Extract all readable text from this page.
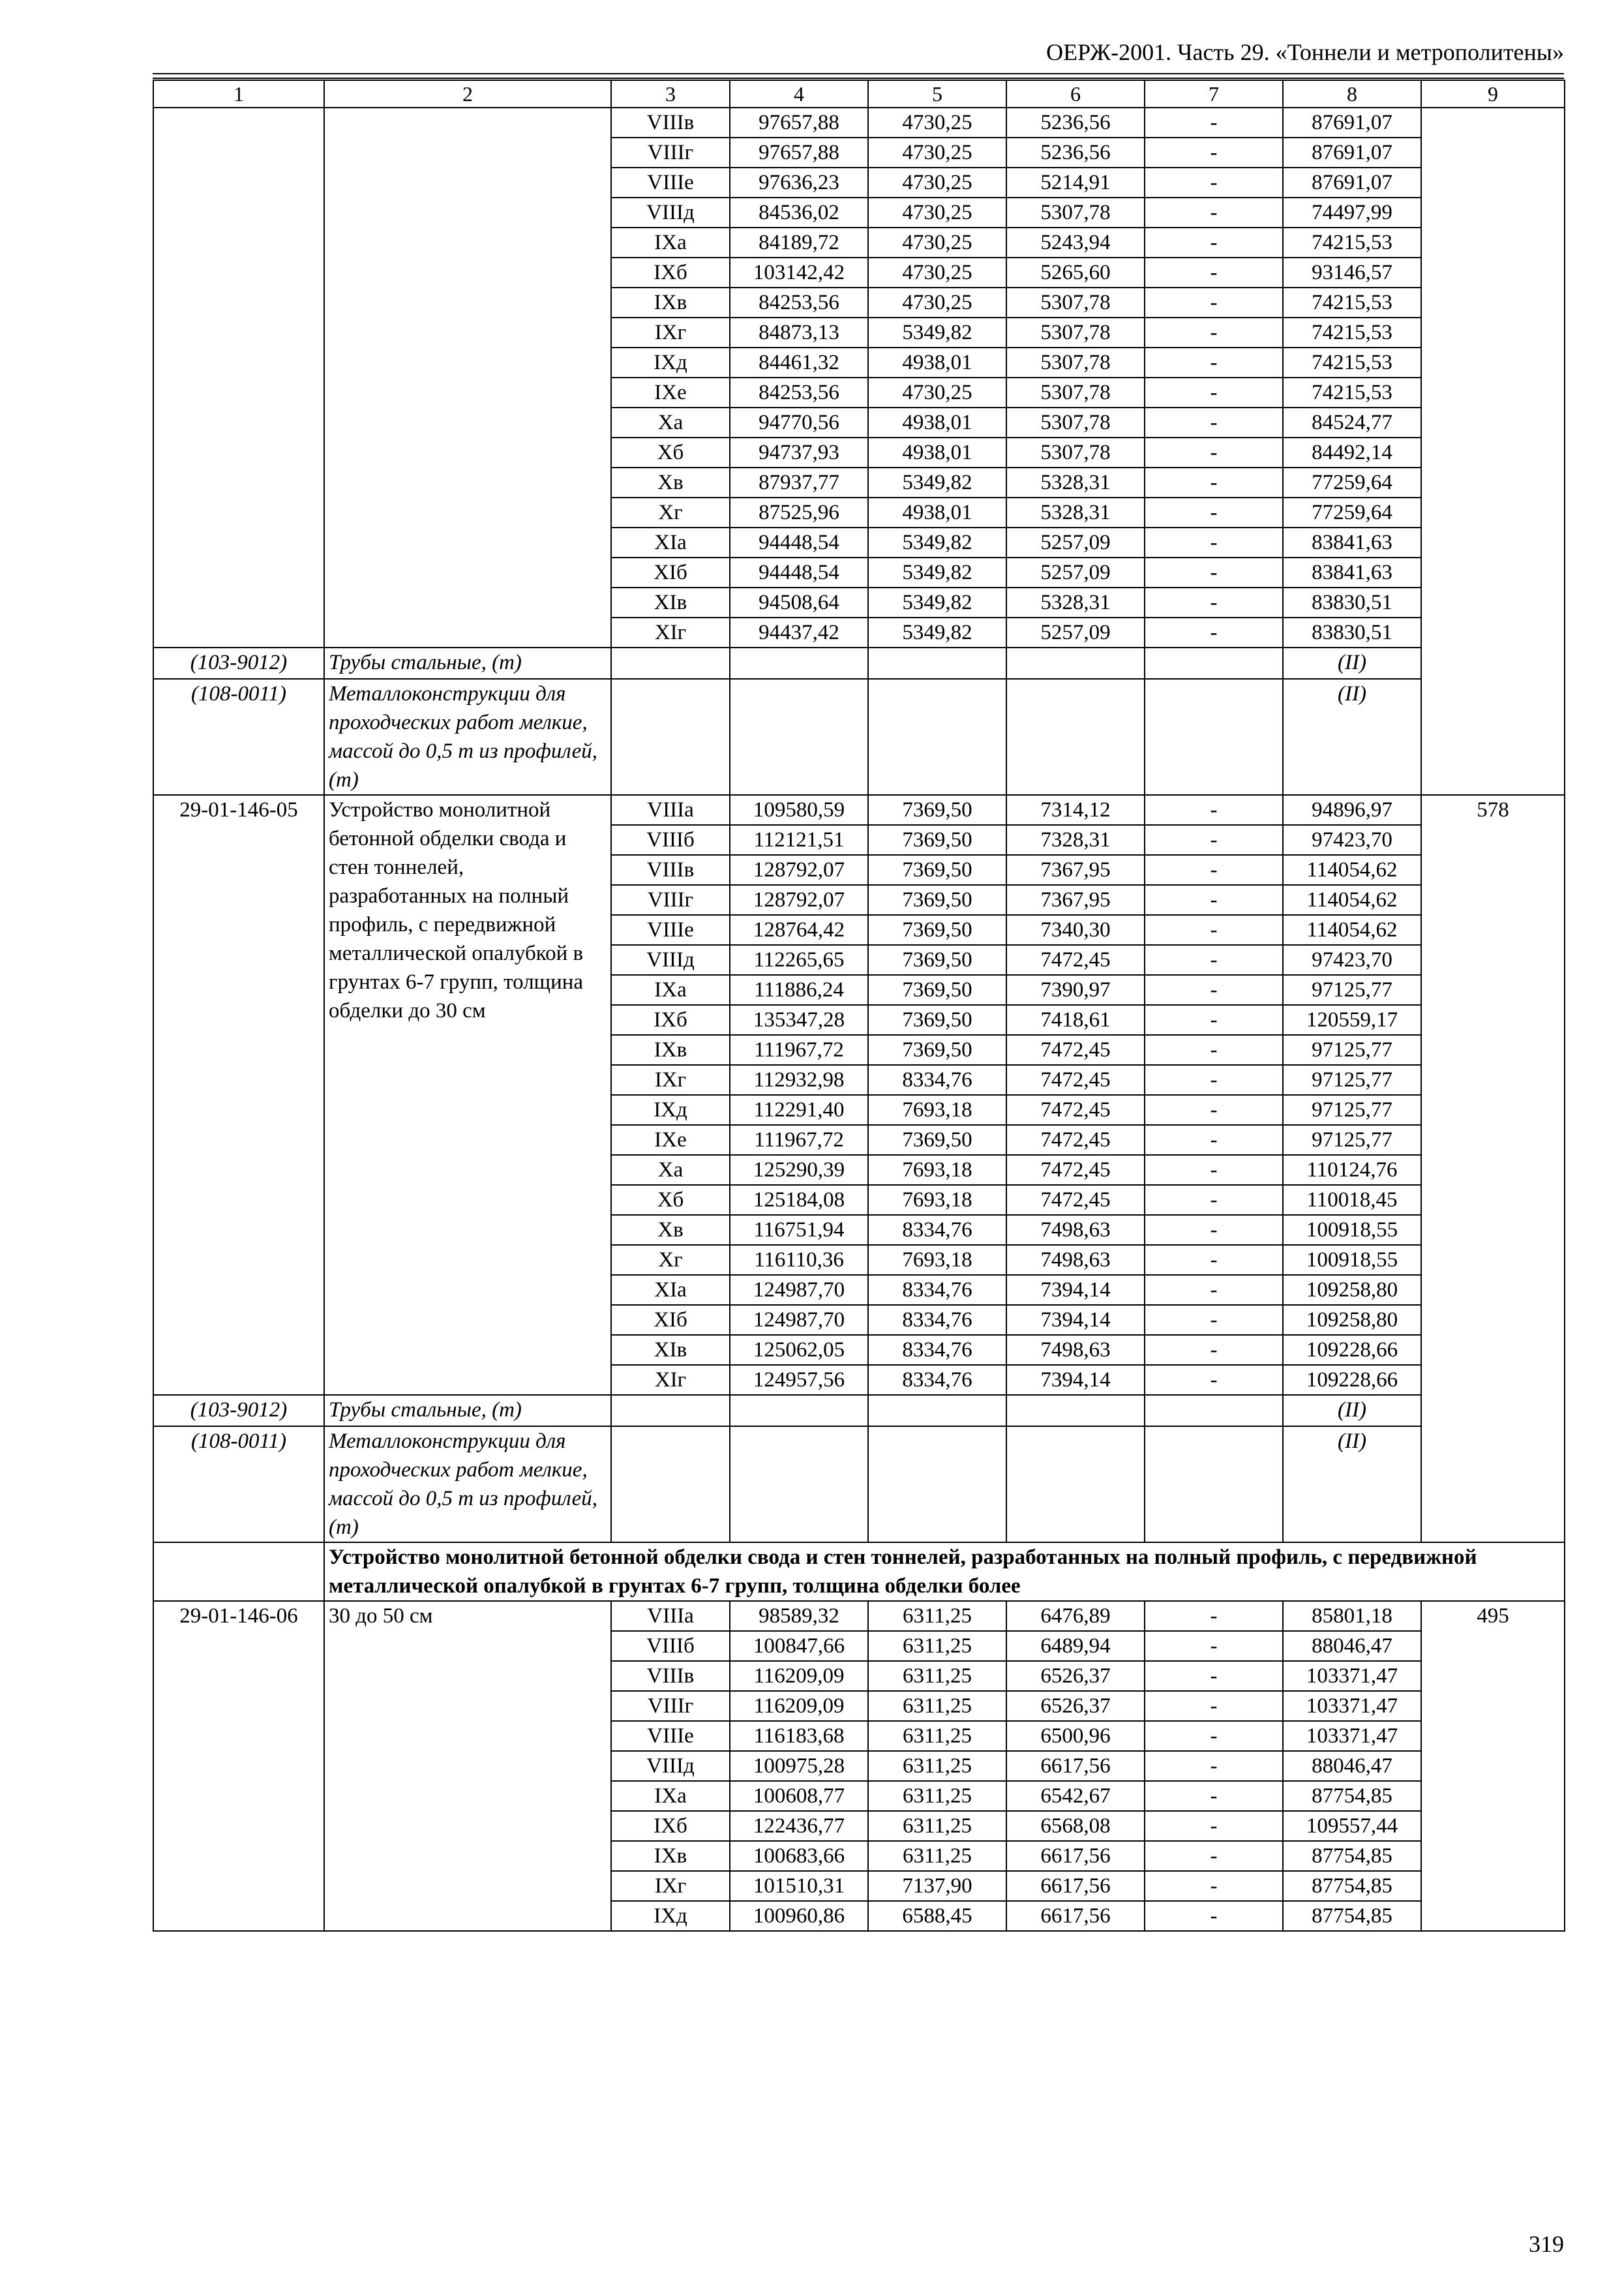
ОЕРЖ-2001. Часть 29. «Тоннели и метрополитены»
1	2	3	4	5	6	7	8	9
		VIIIв	97657,88	4730,25	5236,56	-	87691,07	
		VIIIг	97657,88	4730,25	5236,56	-	87691,07	
		VIIIе	97636,23	4730,25	5214,91	-	87691,07	
		VIIIд	84536,02	4730,25	5307,78	-	74497,99	
		IXа	84189,72	4730,25	5243,94	-	74215,53	
		IXб	103142,42	4730,25	5265,60	-	93146,57	
		IXв	84253,56	4730,25	5307,78	-	74215,53	
		IXг	84873,13	5349,82	5307,78	-	74215,53	
		IXд	84461,32	4938,01	5307,78	-	74215,53	
		IXе	84253,56	4730,25	5307,78	-	74215,53	
		Xа	94770,56	4938,01	5307,78	-	84524,77	
		Xб	94737,93	4938,01	5307,78	-	84492,14	
		Xв	87937,77	5349,82	5328,31	-	77259,64	
		Xг	87525,96	4938,01	5328,31	-	77259,64	
		XIа	94448,54	5349,82	5257,09	-	83841,63	
		XIб	94448,54	5349,82	5257,09	-	83841,63	
		XIв	94508,64	5349,82	5328,31	-	83830,51	
		XIг	94437,42	5349,82	5257,09	-	83830,51	
(103-9012)	Трубы стальные, (т)						(II)	
(108-0011)	Металлоконструкции для проходческих работ мелкие, массой до 0,5 т из профилей, (т)						(II)	
29-01-146-05	Устройство монолитной бетонной обделки свода и стен тоннелей, разработанных на полный профиль, с передвижной металлической опалубкой в грунтах 6-7 групп, толщина обделки до 30 см	VIIIа	109580,59	7369,50	7314,12	-	94896,97	578
		VIIIб	112121,51	7369,50	7328,31	-	97423,70	
		VIIIв	128792,07	7369,50	7367,95	-	114054,62	
		VIIIг	128792,07	7369,50	7367,95	-	114054,62	
		VIIIе	128764,42	7369,50	7340,30	-	114054,62	
		VIIIд	112265,65	7369,50	7472,45	-	97423,70	
		IXа	111886,24	7369,50	7390,97	-	97125,77	
		IXб	135347,28	7369,50	7418,61	-	120559,17	
		IXв	111967,72	7369,50	7472,45	-	97125,77	
		IXг	112932,98	8334,76	7472,45	-	97125,77	
		IXд	112291,40	7693,18	7472,45	-	97125,77	
		IXе	111967,72	7369,50	7472,45	-	97125,77	
		Xа	125290,39	7693,18	7472,45	-	110124,76	
		Xб	125184,08	7693,18	7472,45	-	110018,45	
		Xв	116751,94	8334,76	7498,63	-	100918,55	
		Xг	116110,36	7693,18	7498,63	-	100918,55	
		XIа	124987,70	8334,76	7394,14	-	109258,80	
		XIб	124987,70	8334,76	7394,14	-	109258,80	
		XIв	125062,05	8334,76	7498,63	-	109228,66	
		XIг	124957,56	8334,76	7394,14	-	109228,66	
(103-9012)	Трубы стальные, (т)						(II)	
(108-0011)	Металлоконструкции для проходческих работ мелкие, массой до 0,5 т из профилей, (т)						(II)	
	Устройство монолитной бетонной обделки свода и стен тоннелей, разработанных на полный профиль, с передвижной металлической опалубкой в грунтах 6-7 групп, толщина обделки более							
29-01-146-06	30 до 50 см	VIIIа	98589,32	6311,25	6476,89	-	85801,18	495
		VIIIб	100847,66	6311,25	6489,94	-	88046,47	
		VIIIв	116209,09	6311,25	6526,37	-	103371,47	
		VIIIг	116209,09	6311,25	6526,37	-	103371,47	
		VIIIе	116183,68	6311,25	6500,96	-	103371,47	
		VIIIд	100975,28	6311,25	6617,56	-	88046,47	
		IXа	100608,77	6311,25	6542,67	-	87754,85	
		IXб	122436,77	6311,25	6568,08	-	109557,44	
		IXв	100683,66	6311,25	6617,56	-	87754,85	
		IXг	101510,31	7137,90	6617,56	-	87754,85	
		IXд	100960,86	6588,45	6617,56	-	87754,85	
319
